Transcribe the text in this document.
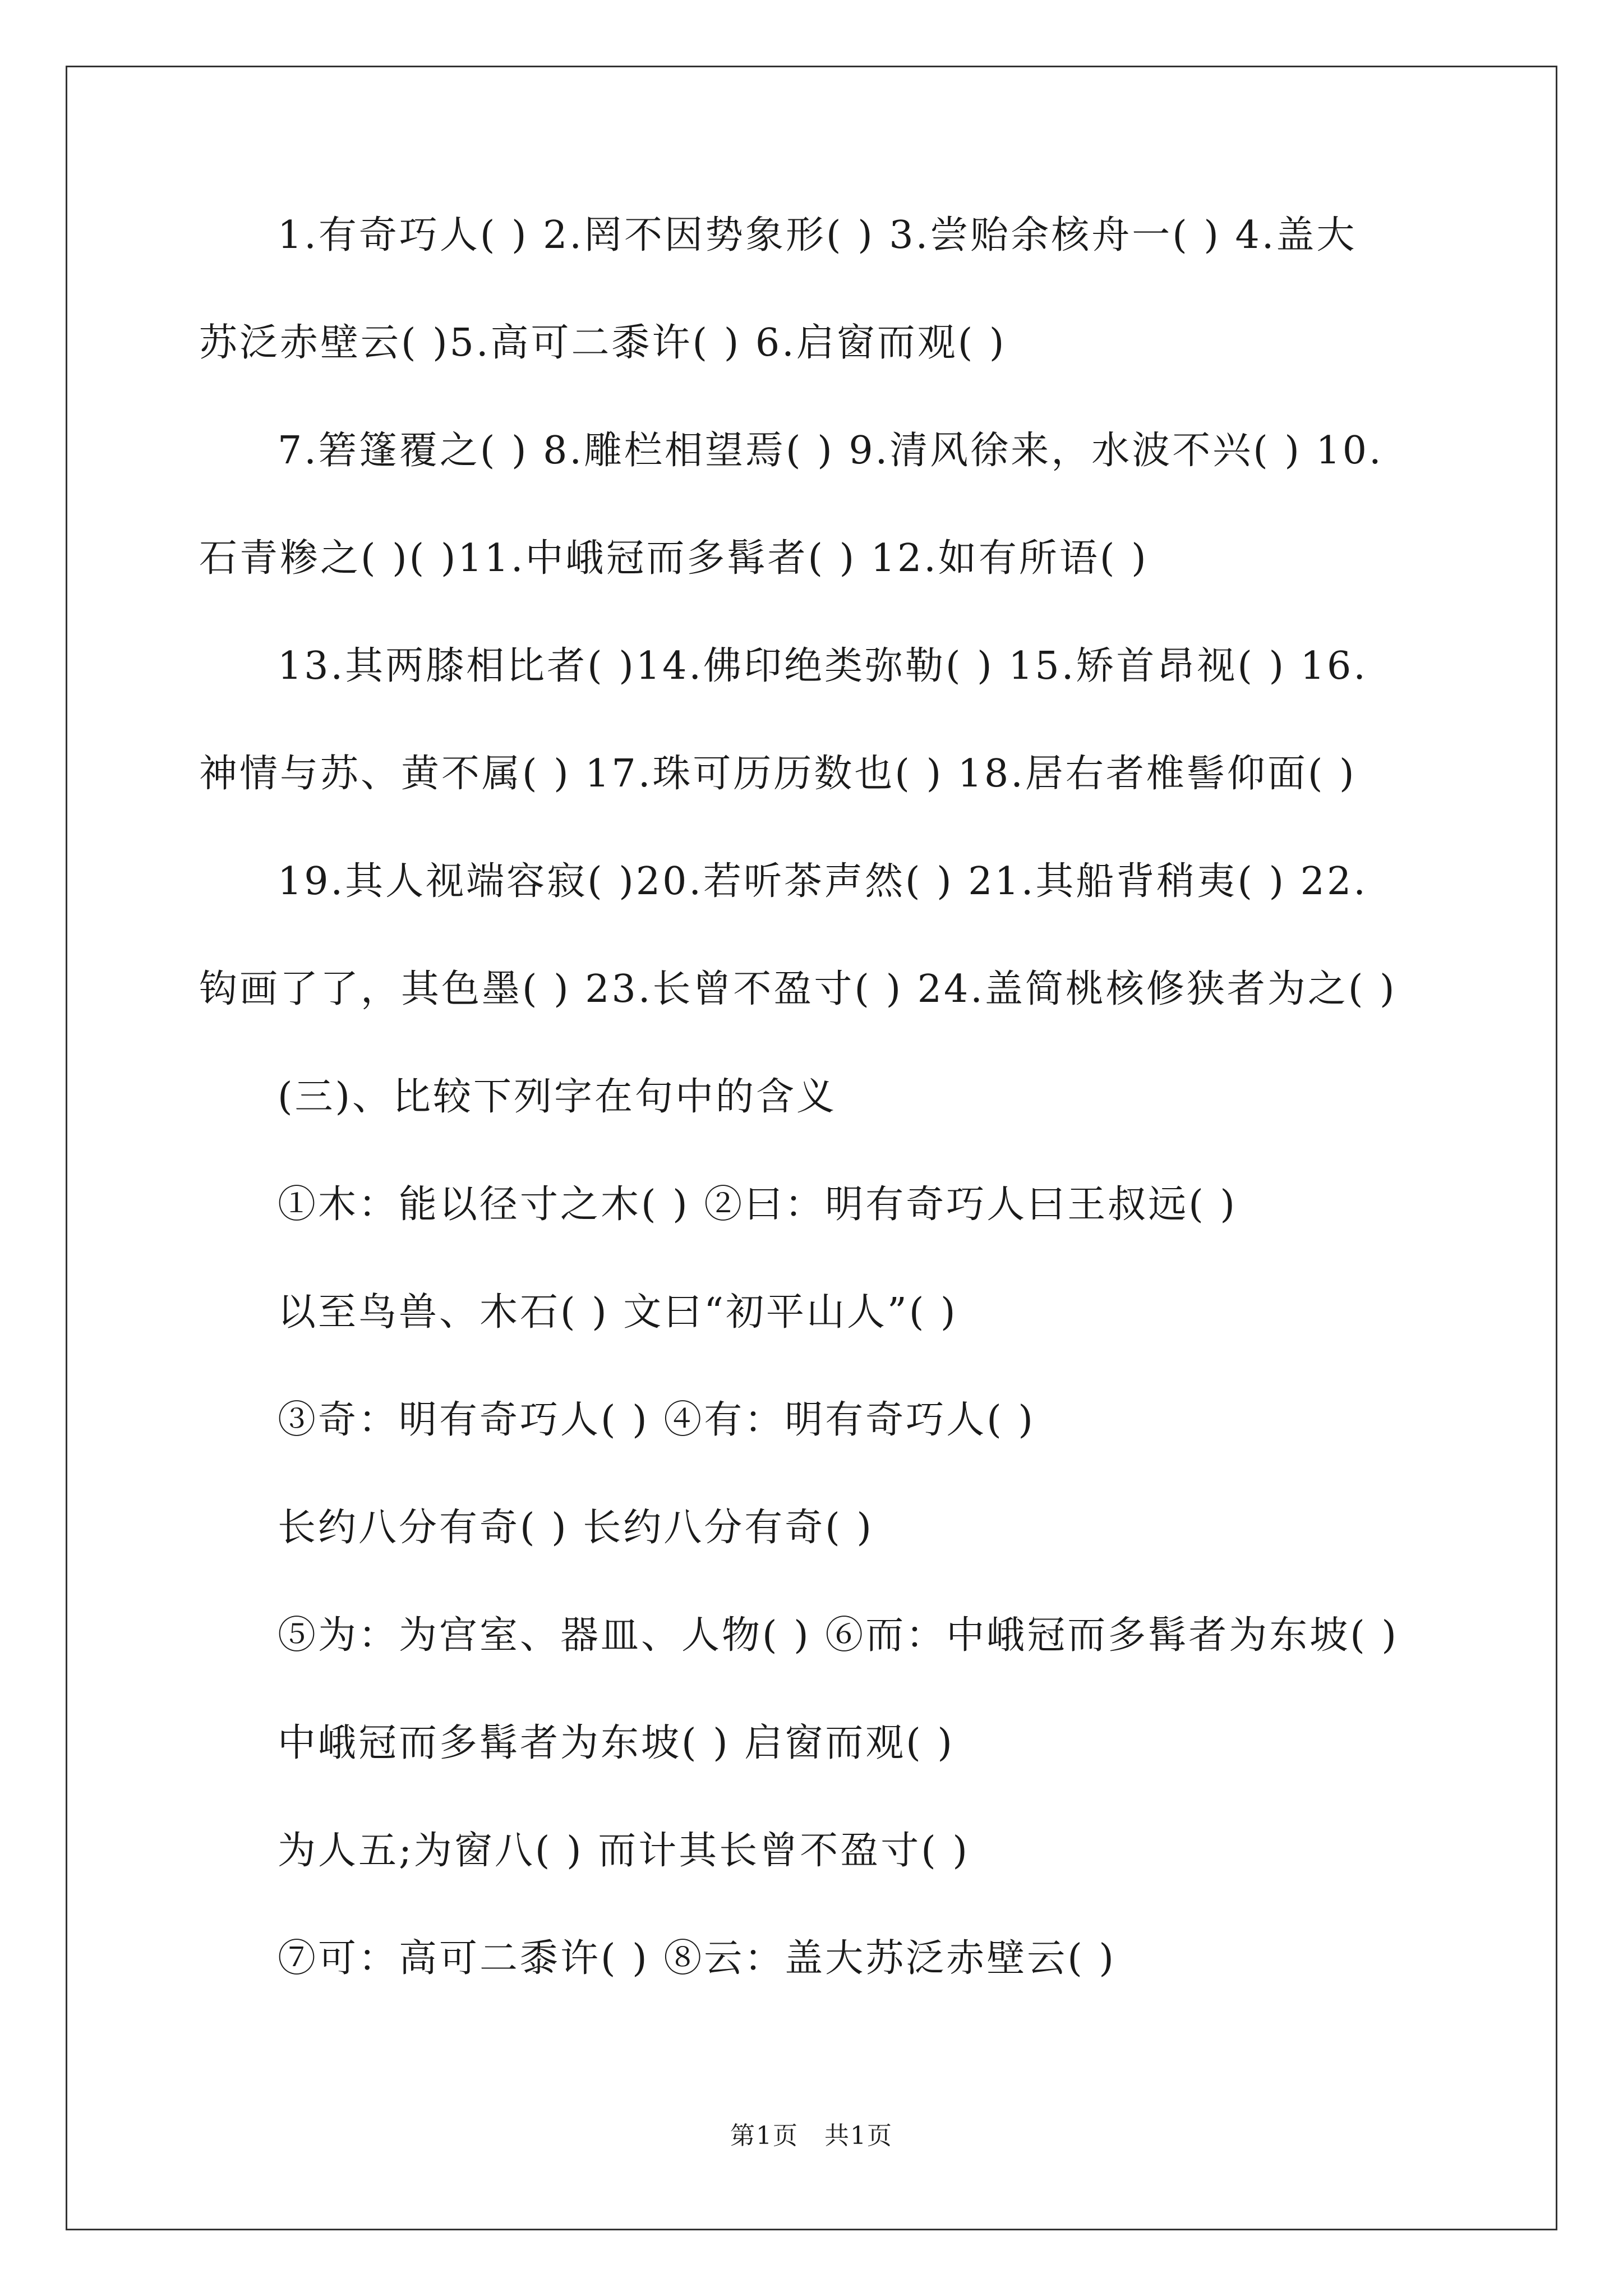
1.有奇巧人( ) 2.罔不因势象形( ) 3.尝贻余核舟一( ) 4.盖大
苏泛赤壁云( )5.高可二黍许( ) 6.启窗而观( )
7.箬篷覆之( ) 8.雕栏相望焉( ) 9.清风徐来，水波不兴( ) 10.
石青糁之( )( )11.中峨冠而多髯者( ) 12.如有所语( )
13.其两膝相比者( )14.佛印绝类弥勒( ) 15.矫首昂视( ) 16.
神情与苏、黄不属( ) 17.珠可历历数也( ) 18.居右者椎髻仰面( )
19.其人视端容寂( )20.若听茶声然( ) 21.其船背稍夷( ) 22.
钩画了了，其色墨( ) 23.长曾不盈寸( ) 24.盖简桃核修狭者为之( )
(三)、比较下列字在句中的含义
①木：能以径寸之木( ) ②曰：明有奇巧人曰王叔远( )
以至鸟兽、木石( ) 文曰“初平山人”( )
③奇：明有奇巧人( ) ④有：明有奇巧人( )
长约八分有奇( ) 长约八分有奇( )
⑤为：为宫室、器皿、人物( ) ⑥而：中峨冠而多髯者为东坡( )
中峨冠而多髯者为东坡( ) 启窗而观( )
为人五;为窗八( ) 而计其长曾不盈寸( )
⑦可：高可二黍许( ) ⑧云：盖大苏泛赤壁云( )
第1页　共1页
